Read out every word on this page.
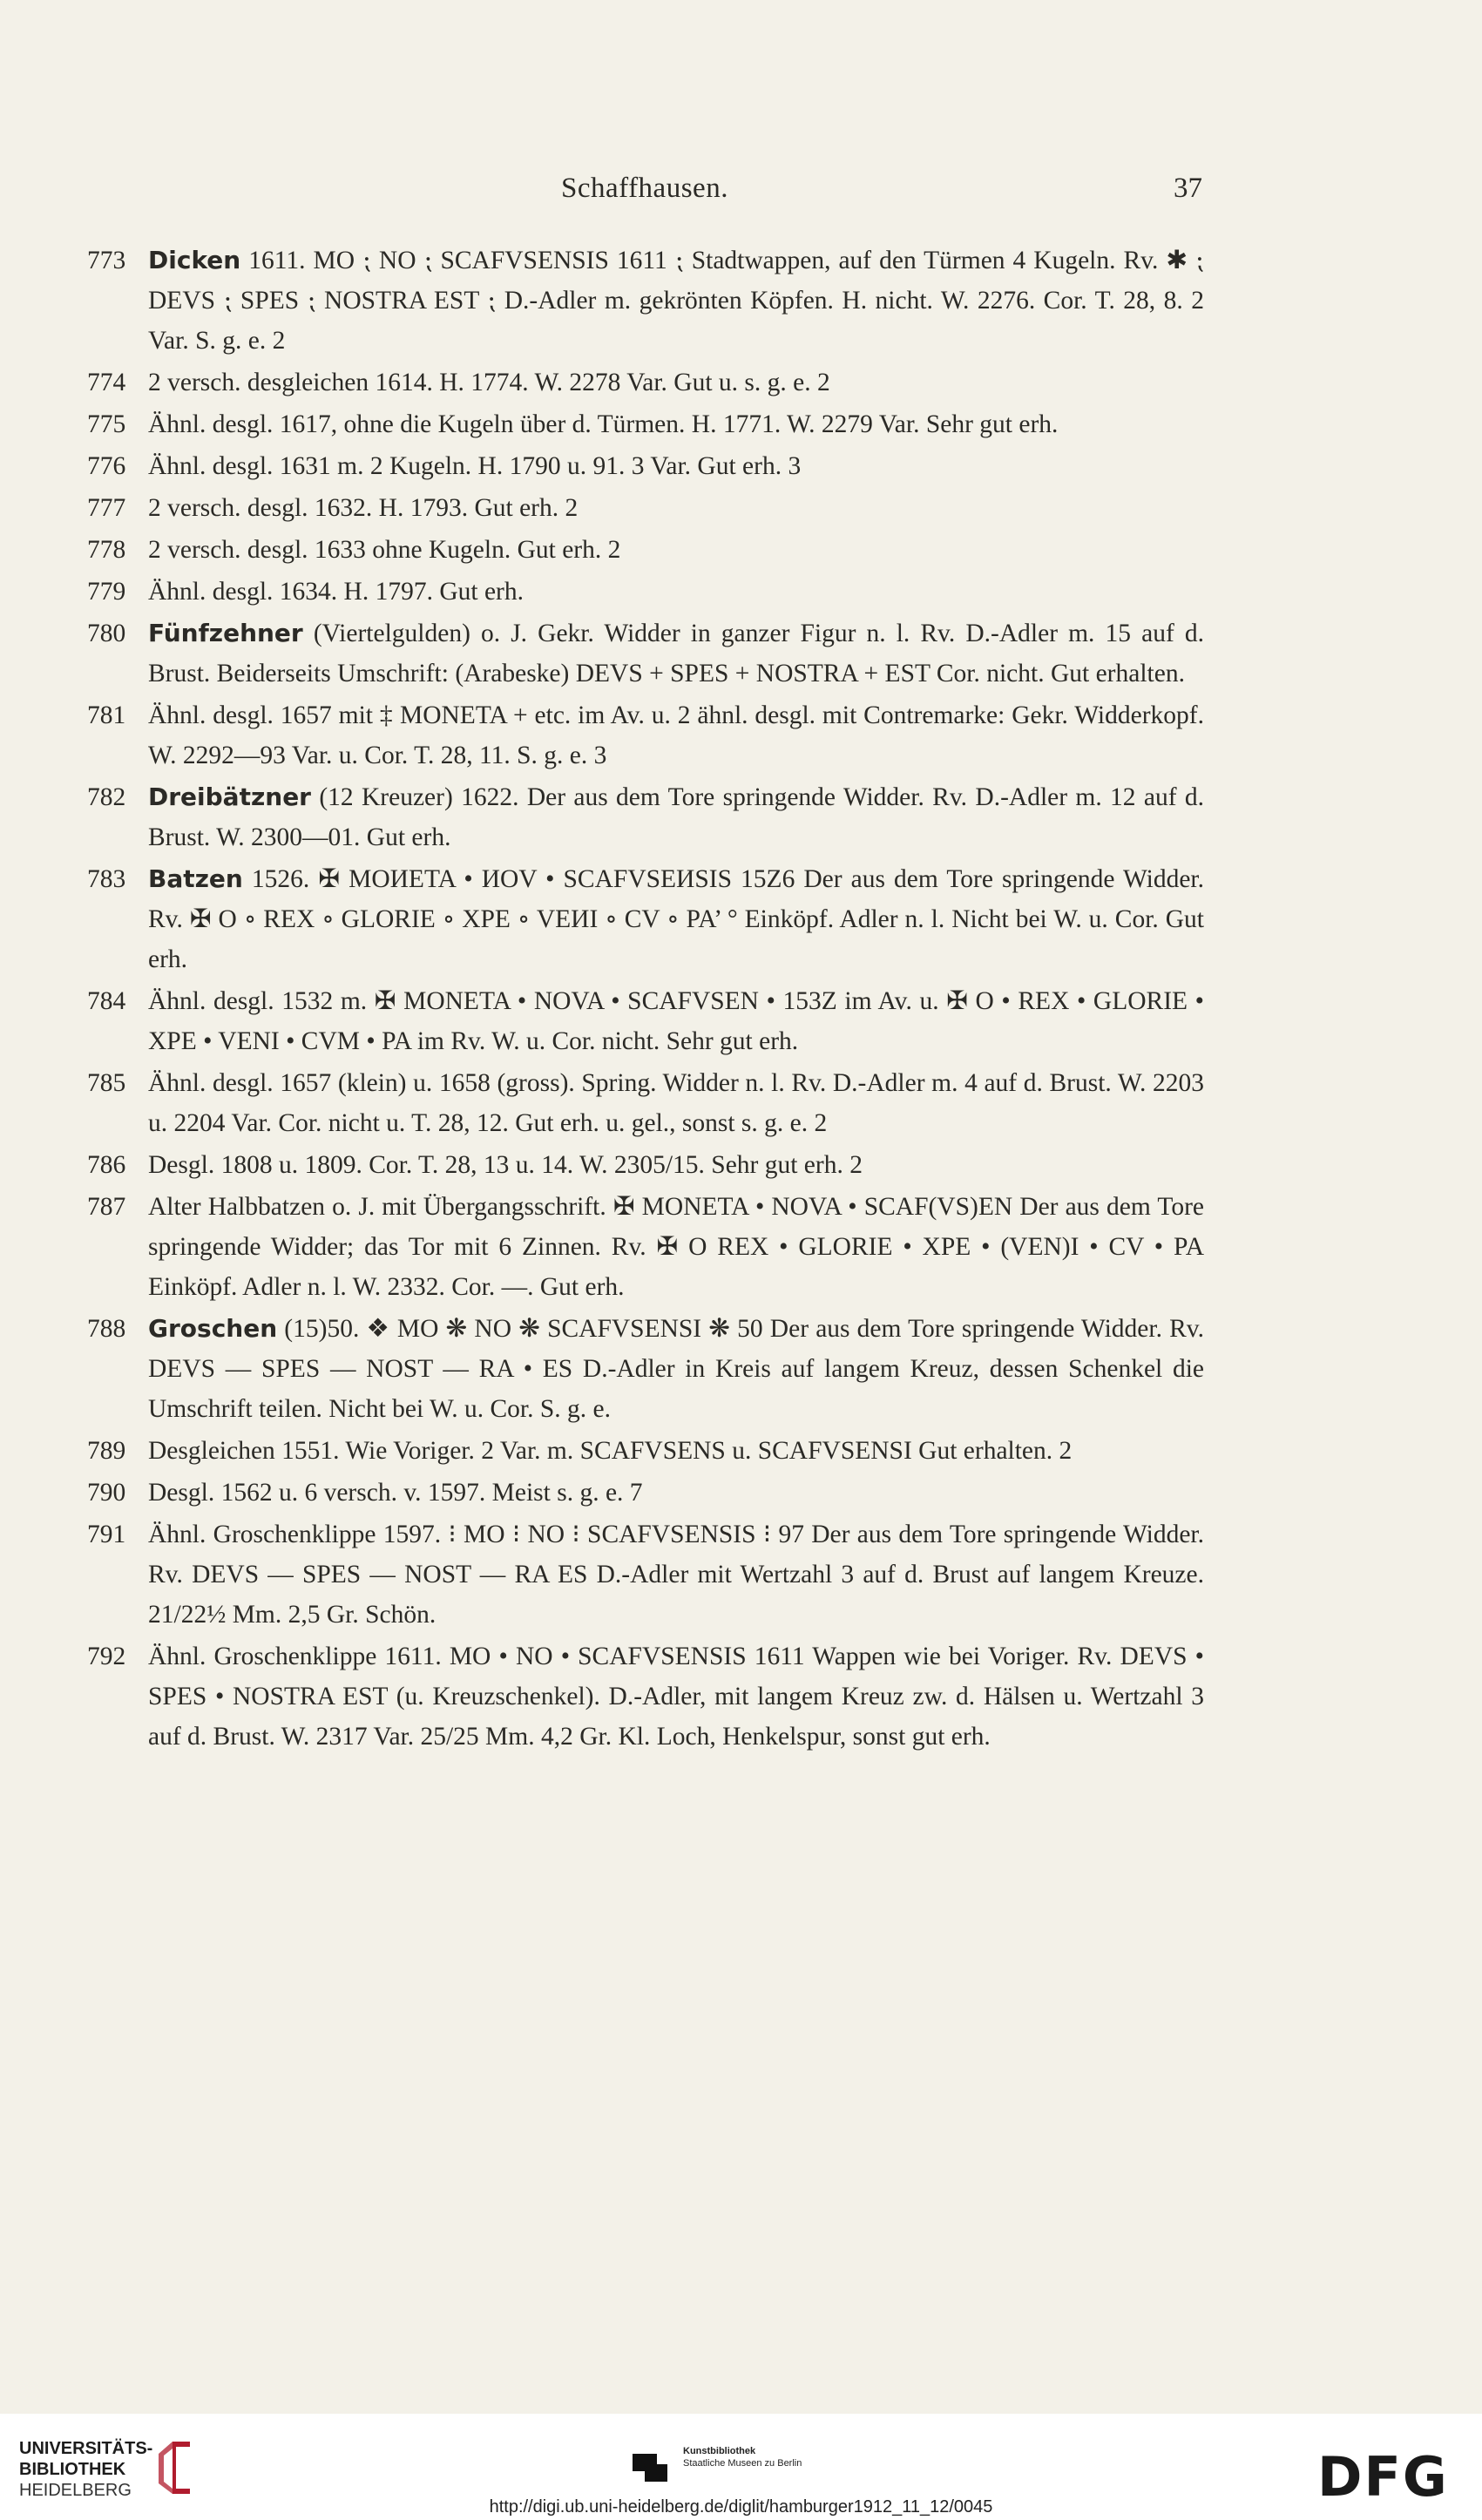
Schaffhausen.	37
773 Dicken 1611. MO ⁏ NO ⁏ SCAFVSENSIS 1611 ⁏ Stadtwappen, auf den Türmen 4 Kugeln. Rv. ✱ ⁏ DEVS ⁏ SPES ⁏ NOSTRA EST ⁏ D.-Adler m. gekrönten Köpfen. H. nicht. W. 2276. Cor. T. 28, 8. 2 Var. S. g. e. 2
774 2 versch. desgleichen 1614. H. 1774. W. 2278 Var. Gut u. s. g. e. 2
775 Ähnl. desgl. 1617, ohne die Kugeln über d. Türmen. H. 1771. W. 2279 Var. Sehr gut erh.
776 Ähnl. desgl. 1631 m. 2 Kugeln. H. 1790 u. 91. 3 Var. Gut erh. 3
777 2 versch. desgl. 1632. H. 1793. Gut erh. 2
778 2 versch. desgl. 1633 ohne Kugeln. Gut erh. 2
779 Ähnl. desgl. 1634. H. 1797. Gut erh.
780 Fünfzehner (Viertelgulden) o. J. Gekr. Widder in ganzer Figur n. l. Rv. D.-Adler m. 15 auf d. Brust. Beiderseits Umschrift: (Arabeske) DEVS + SPES + NOSTRA + EST Cor. nicht. Gut erhalten.
781 Ähnl. desgl. 1657 mit ‡ MONETA + etc. im Av. u. 2 ähnl. desgl. mit Contremarke: Gekr. Widderkopf. W. 2292—93 Var. u. Cor. T. 28, 11. S. g. e. 3
782 Dreibätzner (12 Kreuzer) 1622. Der aus dem Tore springende Widder. Rv. D.-Adler m. 12 auf d. Brust. W. 2300—01. Gut erh.
783 Batzen 1526. ✠ MOИETA • ИOV • SCAFVSEИSIS 15Z6 Der aus dem Tore springende Widder. Rv. ✠ O ∘ REX ∘ GLORIE ∘ XPE ∘ VEИI ∘ CV ∘ PA’ ° Einköpf. Adler n. l. Nicht bei W. u. Cor. Gut erh.
784 Ähnl. desgl. 1532 m. ✠ MONETA • NOVA • SCAFVSEN • 153Z im Av. u. ✠ O • REX • GLORIE • XPE • VENI • CVM • PA im Rv. W. u. Cor. nicht. Sehr gut erh.
785 Ähnl. desgl. 1657 (klein) u. 1658 (gross). Spring. Widder n. l. Rv. D.-Adler m. 4 auf d. Brust. W. 2203 u. 2204 Var. Cor. nicht u. T. 28, 12. Gut erh. u. gel., sonst s. g. e. 2
786 Desgl. 1808 u. 1809. Cor. T. 28, 13 u. 14. W. 2305/15. Sehr gut erh. 2
787 Alter Halbbatzen o. J. mit Übergangsschrift. ✠ MONETA • NOVA • SCAF(VS)EN Der aus dem Tore springende Widder; das Tor mit 6 Zinnen. Rv. ✠ O REX • GLORIE • XPE • (VEN)I • CV • PA Einköpf. Adler n. l. W. 2332. Cor. —. Gut erh.
788 Groschen (15)50. ❖ MO ❋ NO ❋ SCAFVSENSI ❋ 50 Der aus dem Tore springende Widder. Rv. DEVS — SPES — NOST — RA • ES D.-Adler in Kreis auf langem Kreuz, dessen Schenkel die Umschrift teilen. Nicht bei W. u. Cor. S. g. e.
789 Desgleichen 1551. Wie Voriger. 2 Var. m. SCAFVSENS u. SCAFVSENSI Gut erhalten. 2
790 Desgl. 1562 u. 6 versch. v. 1597. Meist s. g. e. 7
791 Ähnl. Groschenklippe 1597. ⁝ MO ⁝ NO ⁝ SCAFVSENSIS ⁝ 97 Der aus dem Tore springende Widder. Rv. DEVS — SPES — NOST — RA ES D.-Adler mit Wertzahl 3 auf d. Brust auf langem Kreuze. 21/22½ Mm. 2,5 Gr. Schön.
792 Ähnl. Groschenklippe 1611. MO • NO • SCAFVSENSIS 1611 Wappen wie bei Voriger. Rv. DEVS • SPES • NOSTRA EST (u. Kreuzschenkel). D.-Adler, mit langem Kreuz zw. d. Hälsen u. Wertzahl 3 auf d. Brust. W. 2317 Var. 25/25 Mm. 4,2 Gr. Kl. Loch, Henkelspur, sonst gut erh.
UNIVERSITÄTS-
BIBLIOTHEK
HEIDELBERG
Kunstbibliothek
Staatliche Museen zu Berlin	DFG
http://digi.ub.uni-heidelberg.de/diglit/hamburger1912_11_12/0045
